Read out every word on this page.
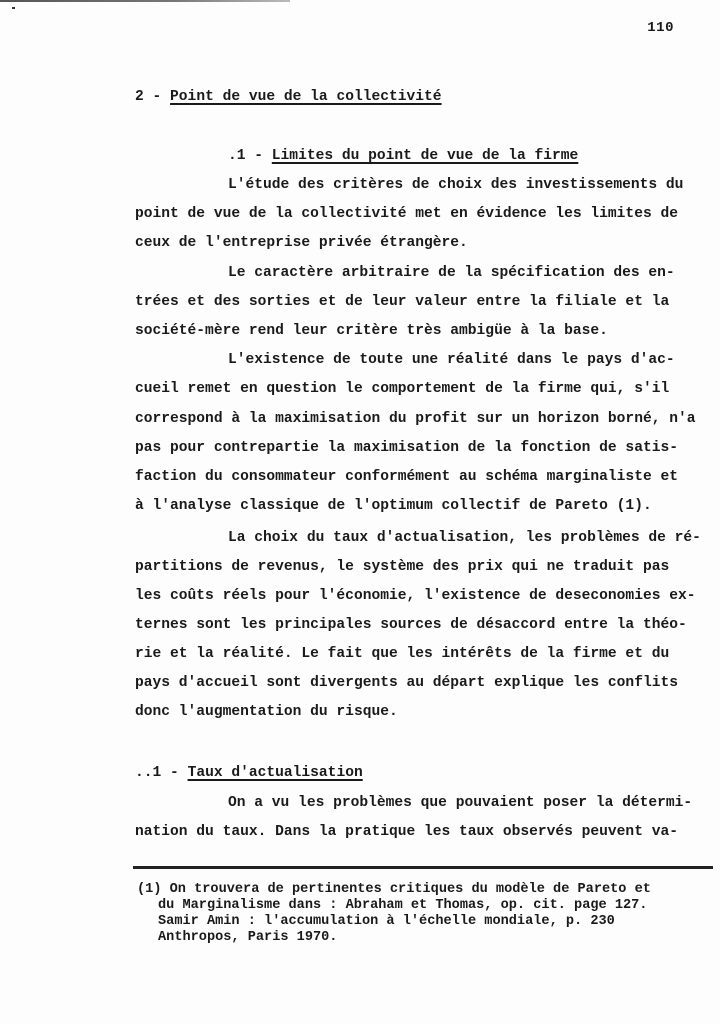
110
2 - Point de vue de la collectivité
.1 - Limites du point de vue de la firme
L'étude des critères de choix des investissements du
point de vue de la collectivité met en évidence les limites de
ceux de l'entreprise privée étrangère.
Le caractère arbitraire de la spécification des en-
trées et des sorties et de leur valeur entre la filiale et la
société-mère rend leur critère très ambigüe à la base.
L'existence de toute une réalité dans le pays d'ac-
cueil remet en question le comportement de la firme qui, s'il
correspond à la maximisation du profit sur un horizon borné, n'a
pas pour contrepartie la maximisation de la fonction de satis-
faction du consommateur conformément au schéma marginaliste et
à l'analyse classique de l'optimum collectif de Pareto (1).
La choix du taux d'actualisation, les problèmes de ré-
partitions de revenus, le système des prix qui ne traduit pas
les coûts réels pour l'économie, l'existence de deseconomies ex-
ternes sont les principales sources de désaccord entre la théo-
rie et la réalité. Le fait que les intérêts de la firme et du
pays d'accueil sont divergents au départ explique les conflits
donc l'augmentation du risque.
..1 - Taux d'actualisation
On a vu les problèmes que pouvaient poser la détermi-
nation du taux. Dans la pratique les taux observés peuvent va-
(1) On trouvera de pertinentes critiques du modèle de Pareto et
du Marginalisme dans : Abraham et Thomas, op. cit. page 127.
Samir Amin : l'accumulation à l'échelle mondiale, p. 230
Anthropos, Paris 1970.
